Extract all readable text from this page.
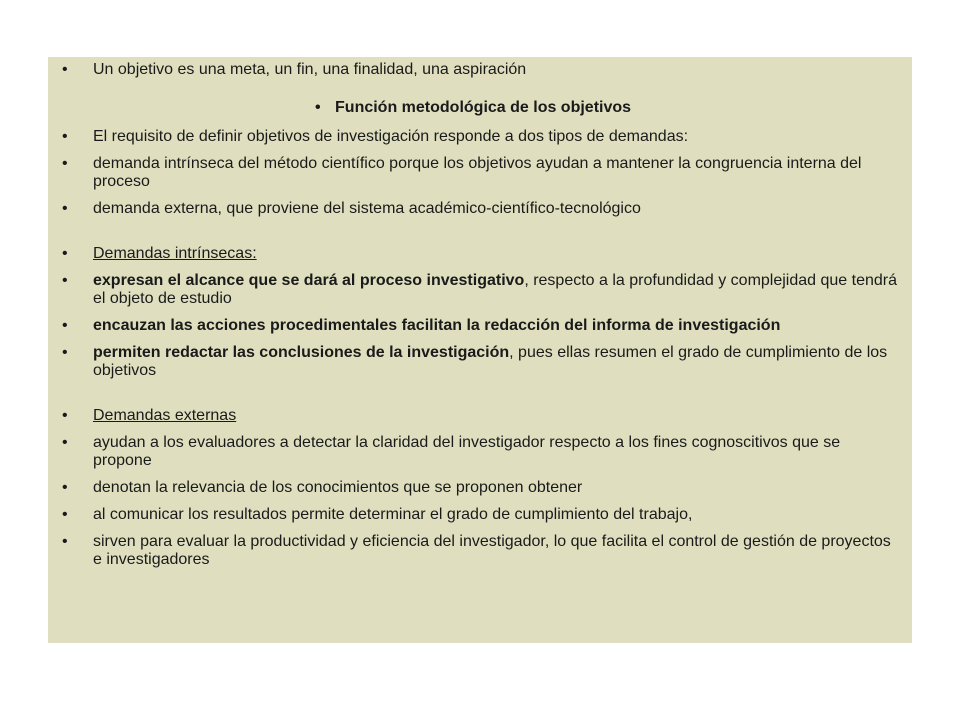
• Un objetivo es una meta, un fin, una finalidad, una aspiración
• Función metodológica de los objetivos
• El requisito de definir objetivos de investigación responde a dos tipos de demandas:
• demanda intrínseca del método científico porque los objetivos ayudan a mantener la congruencia interna del proceso
• demanda externa, que proviene del sistema académico-científico-tecnológico
• Demandas intrínsecas:
• expresan el alcance que se dará al proceso investigativo, respecto a la profundidad y complejidad que tendrá el objeto de estudio
• encauzan las acciones procedimentales facilitan la redacción del informa de investigación
• permiten redactar las conclusiones de la investigación, pues ellas resumen el grado de cumplimiento de los objetivos
• Demandas externas
• ayudan a los evaluadores a detectar la claridad del investigador respecto a los fines cognoscitivos que se propone
• denotan la relevancia de los conocimientos que se proponen obtener
• al comunicar los resultados permite determinar el grado de cumplimiento del trabajo,
• sirven para evaluar la productividad y eficiencia del investigador, lo que facilita el control de gestión de proyectos e investigadores
